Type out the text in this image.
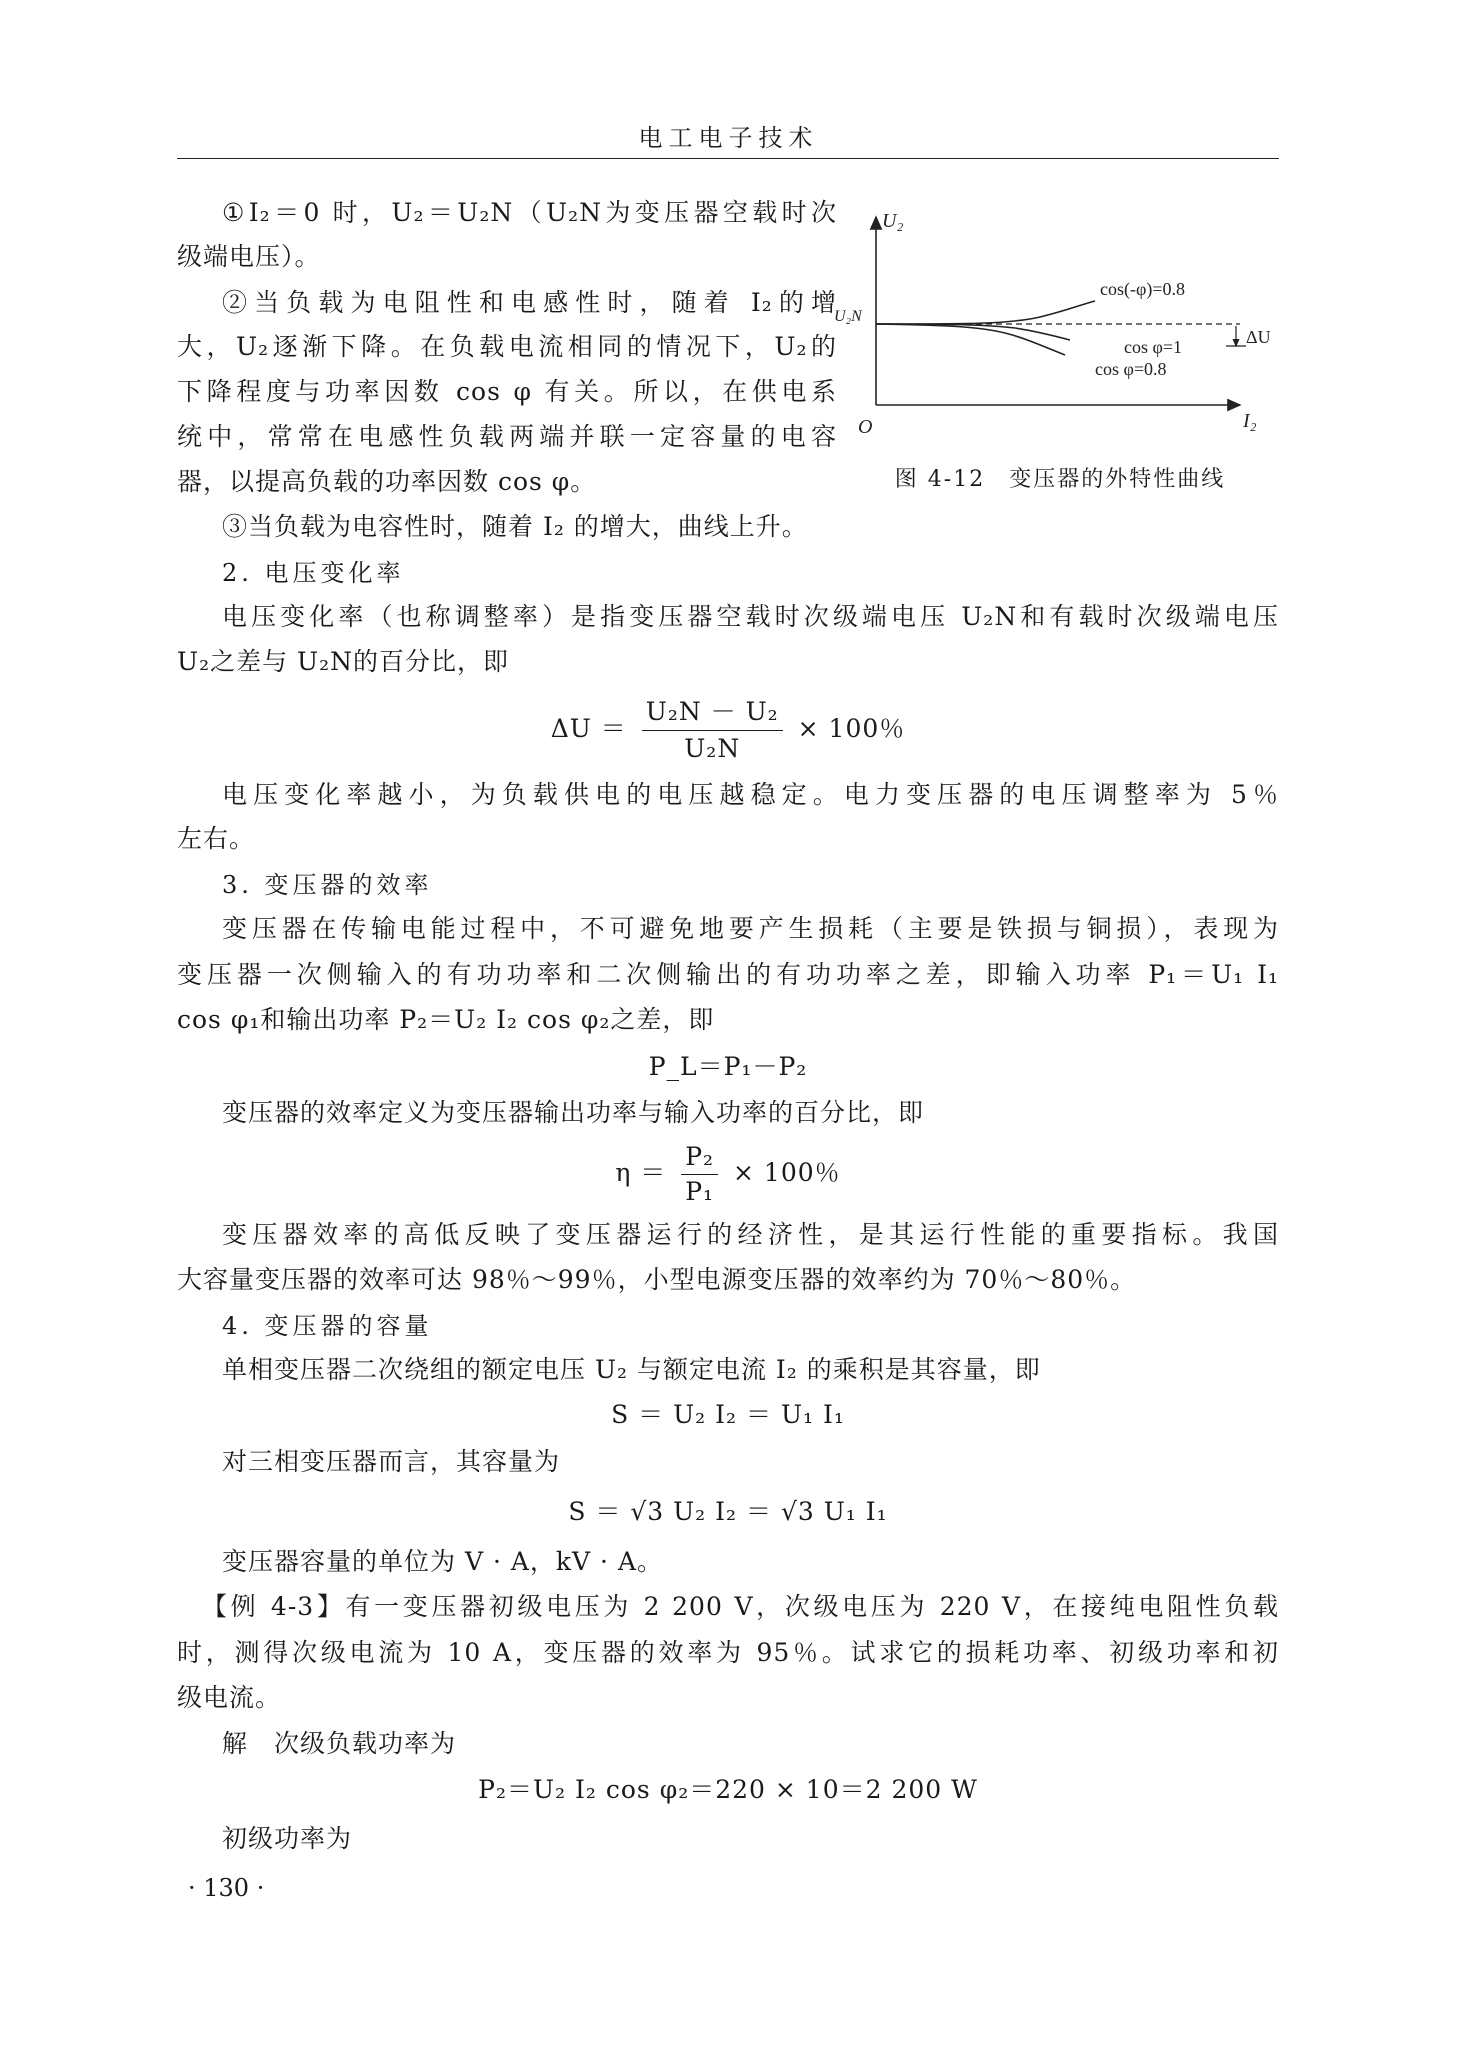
电工电子技术
①I₂＝0 时，U₂＝U₂N（U₂N为变压器空载时次
级端电压）。
②当负载为电阻性和电感性时，随着 I₂的增
大，U₂逐渐下降。在负载电流相同的情况下，U₂的
下降程度与功率因数 cos φ 有关。所以，在供电系
统中，常常在电感性负载两端并联一定容量的电容
器，以提高负载的功率因数 cos φ。
U₂
I₂
O
U₂N
ΔU
cos(-φ)=0.8
cos φ=1
cos φ=0.8
图 4-12　变压器的外特性曲线
③当负载为电容性时，随着 I₂ 的增大，曲线上升。
2. 电压变化率
电压变化率（也称调整率）是指变压器空载时次级端电压 U₂N和有载时次级端电压
U₂之差与 U₂N的百分比，即
$\Delta U = \frac{\text{U₂N － U₂}}{\text{U₂N}} \times 100$％
电压变化率越小，为负载供电的电压越稳定。电力变压器的电压调整率为 5％
左右。
3. 变压器的效率
变压器在传输电能过程中，不可避免地要产生损耗（主要是铁损与铜损），表现为
变压器一次侧输入的有功功率和二次侧输出的有功功率之差，即输入功率 P₁＝U₁ I₁
cos φ₁和输出功率 P₂＝U₂ I₂ cos φ₂之差，即
P_L＝P₁－P₂
变压器的效率定义为变压器输出功率与输入功率的百分比，即
$\eta = \frac{\text{P₂}}{\text{P₁}} \times 100$％
变压器效率的高低反映了变压器运行的经济性，是其运行性能的重要指标。我国
大容量变压器的效率可达 98％～99％，小型电源变压器的效率约为 70％～80％。
4. 变压器的容量
单相变压器二次绕组的额定电压 U₂ 与额定电流 I₂ 的乘积是其容量，即
S ＝ U₂ I₂ ＝ U₁ I₁
对三相变压器而言，其容量为
S ＝ √3 U₂ I₂ ＝ √3 U₁ I₁
变压器容量的单位为 V · A，kV · A。
【例 4-3】有一变压器初级电压为 2 200 V，次级电压为 220 V，在接纯电阻性负载
时，测得次级电流为 10 A，变压器的效率为 95％。试求它的损耗功率、初级功率和初
级电流。
解　次级负载功率为
P₂＝U₂ I₂ cos φ₂＝220 × 10＝2 200 W
初级功率为
· 130 ·
